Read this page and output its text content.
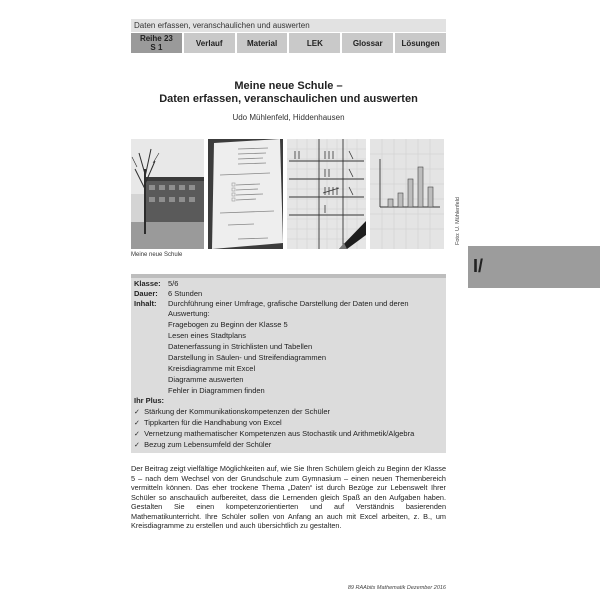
Daten erfassen, veranschaulichen und auswerten
Reihe 23
S 1	Verlauf	Material	LEK	Glossar	Lösungen
Meine neue Schule –
Daten erfassen, veranschaulichen und auswerten
Udo Mühlenfeld, Hiddenhausen
Meine neue Schule
Foto: U. Mühlenfeld
I/
Klasse: 5/6
Dauer: 6 Stunden
Inhalt: Durchführung einer Umfrage, grafische Darstellung der Daten und deren
Auswertung:
Fragebogen zu Beginn der Klasse 5
Lesen eines Stadtplans
Datenerfassung in Strichlisten und Tabellen
Darstellung in Säulen- und Streifendiagrammen
Kreisdiagramme mit Excel
Diagramme auswerten
Fehler in Diagrammen finden
Ihr Plus:
✓ Stärkung der Kommunikationskompetenzen der Schüler
✓ Tippkarten für die Handhabung von Excel
✓ Vernetzung mathematischer Kompetenzen aus Stochastik und Arithmetik/Algebra
✓ Bezug zum Lebensumfeld der Schüler
Der Beitrag zeigt vielfältige Möglichkeiten auf, wie Sie Ihren Schülern gleich zu Beginn der Klasse 5 – nach dem Wechsel von der Grundschule zum Gymnasium – einen neuen Themenbereich vermitteln können. Das eher trockene Thema „Daten“ ist durch Bezüge zur Lebenswelt Ihrer Schüler so anschaulich aufbereitet, dass die Lernenden gleich Spaß an den Aufgaben haben. Gestalten Sie einen kompetenzorientierten und auf Verständnis basierenden Mathematikunterricht. Ihre Schüler sollen von Anfang an auch mit Excel arbeiten, z. B., um Kreisdiagramme zu erstellen und auch übersichtlich zu gestalten.
89 RAAbits Mathematik Dezember 2016
